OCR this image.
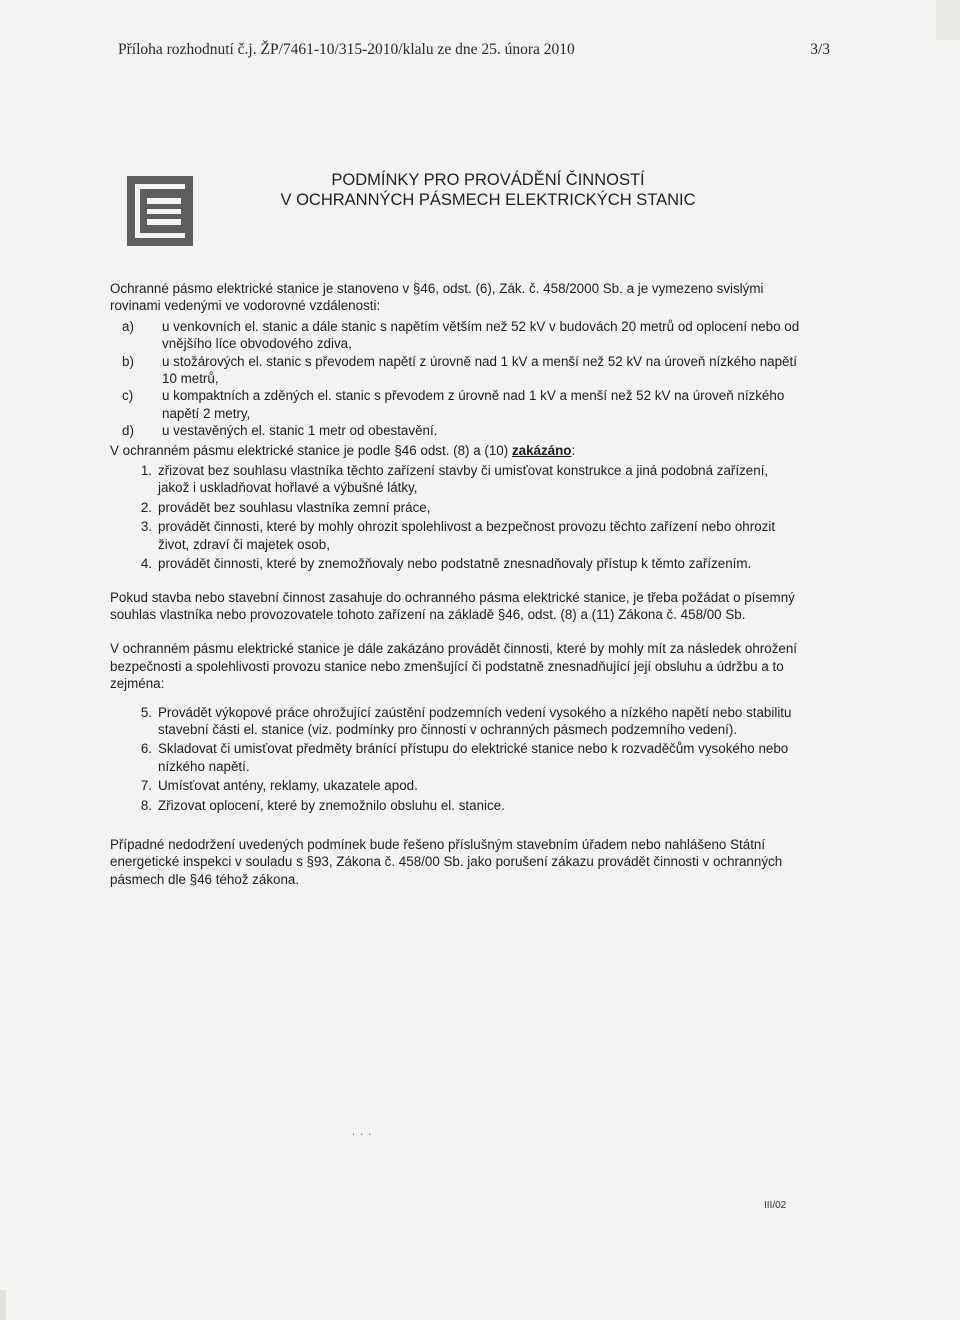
Příloha rozhodnutí č.j. ŽP/7461-10/315-2010/klalu ze dne 25. února 2010	3/3
PODMÍNKY PRO PROVÁDĚNÍ ČINNOSTÍ
V OCHRANNÝCH PÁSMECH ELEKTRICKÝCH STANIC

Ochranné pásmo elektrické stanice je stanoveno v §46, odst. (6), Zák. č. 458/2000 Sb. a je vymezeno svislými rovinami vedenými ve vodorovné vzdálenosti:

a)	u venkovních el. stanic a dále stanic s napětím větším než 52 kV v budovách 20 metrů od oplocení nebo od vnějšího líce obvodového zdiva,
b)	u stožárových el. stanic s převodem napětí z úrovně nad 1 kV a menší než 52 kV na úroveň nízkého napětí 10 metrů,
c)	u kompaktních a zděných el. stanic s převodem z úrovně nad 1 kV a menší než 52 kV na úroveň nízkého napětí 2 metry,
d)	u vestavěných el. stanic 1 metr od obestavění.

V ochranném pásmu elektrické stanice je podle §46 odst. (8) a (10) zakázáno:

1. zřizovat bez souhlasu vlastníka těchto zařízení stavby či umisťovat konstrukce a jiná podobná zařízení, jakož i uskladňovat hořlavé a výbušné látky,
2. provádět bez souhlasu vlastníka zemní práce,
3. provádět činnosti, které by mohly ohrozit spolehlivost a bezpečnost provozu těchto zařízení nebo ohrozit život, zdraví či majetek osob,
4. provádět činnosti, které by znemožňovaly nebo podstatně znesnadňovaly přístup k těmto zařízením.

Pokud stavba nebo stavební činnost zasahuje do ochranného pásma elektrické stanice, je třeba požádat o písemný souhlas vlastníka nebo provozovatele tohoto zařízení na základě §46, odst. (8) a (11) Zákona č. 458/00 Sb.

V ochranném pásmu elektrické stanice je dále zakázáno provádět činnosti, které by mohly mít za následek ohrožení bezpečnosti a spolehlivosti provozu stanice nebo zmenšující či podstatně znesnadňující její obsluhu a údržbu a to zejména:

5. Provádět výkopové práce ohrožující zaústění podzemních vedení vysokého a nízkého napětí nebo stabilitu stavební části el. stanice (viz. podmínky pro činnosti v ochranných pásmech podzemního vedení).
6. Skladovat či umisťovat předměty bránící přístupu do elektrické stanice nebo k rozvaděčům vysokého nebo nízkého napětí.
7. Umísťovat antény, reklamy, ukazatele apod.
8. Zřizovat oplocení, které by znemožnilo obsluhu el. stanice.

Případné nedodržení uvedených podmínek bude řešeno příslušným stavebním úřadem nebo nahlášeno Státní energetické inspekci v souladu s §93, Zákona č. 458/00 Sb. jako porušení zákazu provádět činnosti v ochranných pásmech dle §46 téhož zákona.

. . .
III/02
